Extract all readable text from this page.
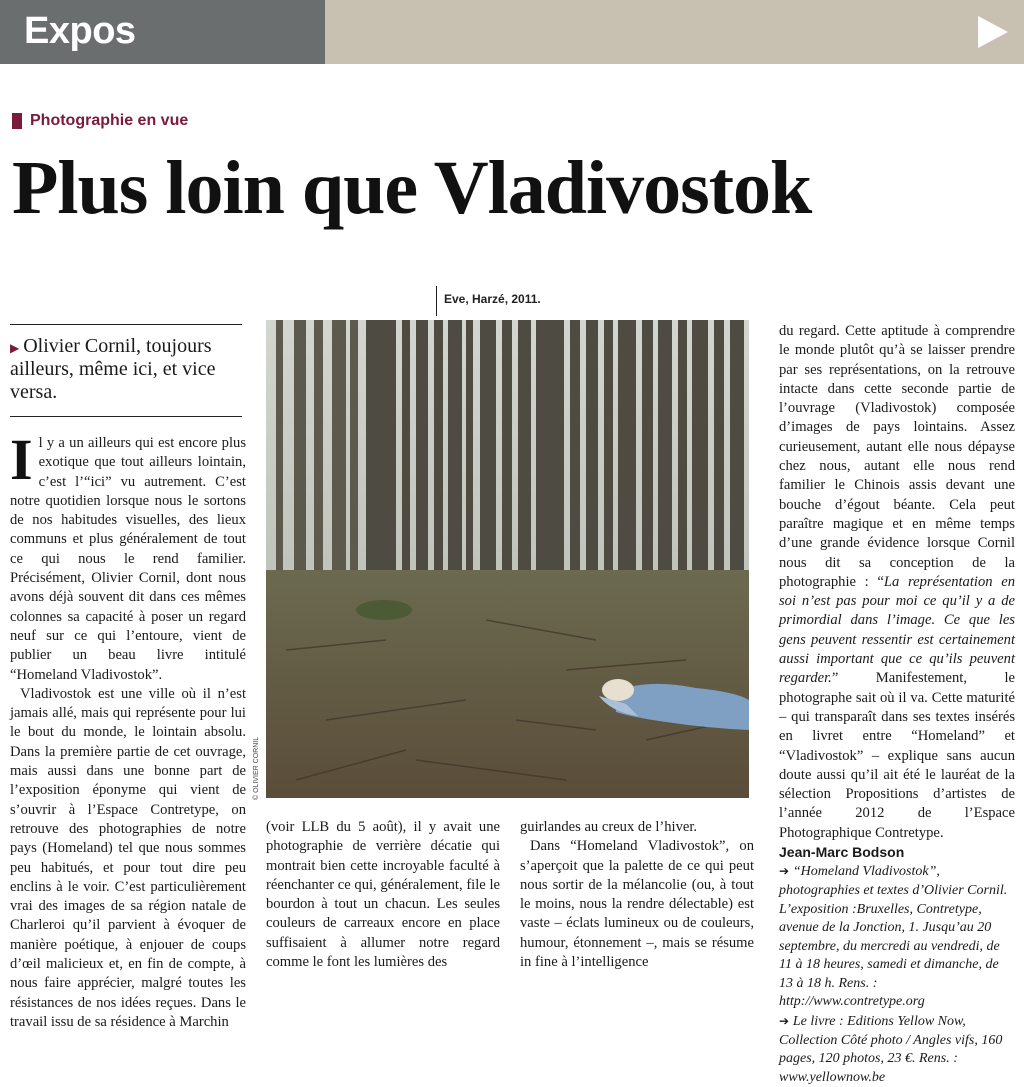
Expos
Photographie en vue
Plus loin que Vladivostok
Eve, Harzé, 2011.
▶ Olivier Cornil, toujours ailleurs, même ici, et vice versa.
© OLIVIER CORNIL

Il y a un ailleurs qui est encore plus exotique que tout ailleurs lointain, c’est l’“ici” vu autrement. C’est notre quotidien lorsque nous le sortons de nos habitudes visuelles, des lieux communs et plus généralement de tout ce qui nous le rend familier. Précisément, Olivier Cornil, dont nous avons déjà souvent dit dans ces mêmes colonnes sa capacité à poser un regard neuf sur ce qui l’entoure, vient de publier un beau livre intitulé “Homeland Vladivostok”.

Vladivostok est une ville où il n’est jamais allé, mais qui représente pour lui le bout du monde, le lointain absolu. Dans la première partie de cet ouvrage, mais aussi dans une bonne part de l’exposition éponyme qui vient de s’ouvrir à l’Espace Contretype, on retrouve des photographies de notre pays (Homeland) tel que nous sommes peu habitués, et pour tout dire peu enclins à le voir. C’est particulièrement vrai des images de sa région natale de Charleroi qu’il parvient à évoquer de manière poétique, à enjouer de coups d’œil malicieux et, en fin de compte, à nous faire apprécier, malgré toutes les résistances de nos idées reçues. Dans le travail issu de sa résidence à Marchin

(voir LLB du 5 août), il y avait une photographie de verrière décatie qui montrait bien cette incroyable faculté à réenchanter ce qui, généralement, file le bourdon à tout un chacun. Les seules couleurs de carreaux encore en place suffisaient à allumer notre regard comme le font les lumières des

guirlandes au creux de l’hiver.

Dans “Homeland Vladivostok”, on s’aperçoit que la palette de ce qui peut nous sortir de la mélancolie (ou, à tout le moins, nous la rendre délectable) est vaste – éclats lumineux ou de couleurs, humour, étonnement –, mais se résume in fine à l’intelligence

du regard. Cette aptitude à comprendre le monde plutôt qu’à se laisser prendre par ses représentations, on la retrouve intacte dans cette seconde partie de l’ouvrage (Vladivostok) composée d’images de pays lointains. Assez curieusement, autant elle nous dépayse chez nous, autant elle nous rend familier le Chinois assis devant une bouche d’égout béante. Cela peut paraître magique et en même temps d’une grande évidence lorsque Cornil nous dit sa conception de la photographie : “La représentation en soi n’est pas pour moi ce qu’il y a de primordial dans l’image. Ce que les gens peuvent ressentir est certainement aussi important que ce qu’ils peuvent regarder.” Manifestement, le photographe sait où il va. Cette maturité – qui transparaît dans ses textes insérés en livret entre “Homeland” et “Vladivostok” – explique sans aucun doute aussi qu’il ait été le lauréat de la sélection Propositions d’artistes de l’année 2012 de l’Espace Photographique Contretype.

Jean-Marc Bodson
➔ “Homeland Vladivostok”, photographies et textes d’Olivier Cornil. L’exposition :Bruxelles, Contretype, avenue de la Jonction, 1. Jusqu’au 20 septembre, du mercredi au vendredi, de 11 à 18 heures, samedi et dimanche, de 13 à 18 h. Rens. : http://www.contretype.org
➔ Le livre : Editions Yellow Now, Collection Côté photo / Angles vifs, 160 pages, 120 photos, 23 €. Rens. : www.yellownow.be
